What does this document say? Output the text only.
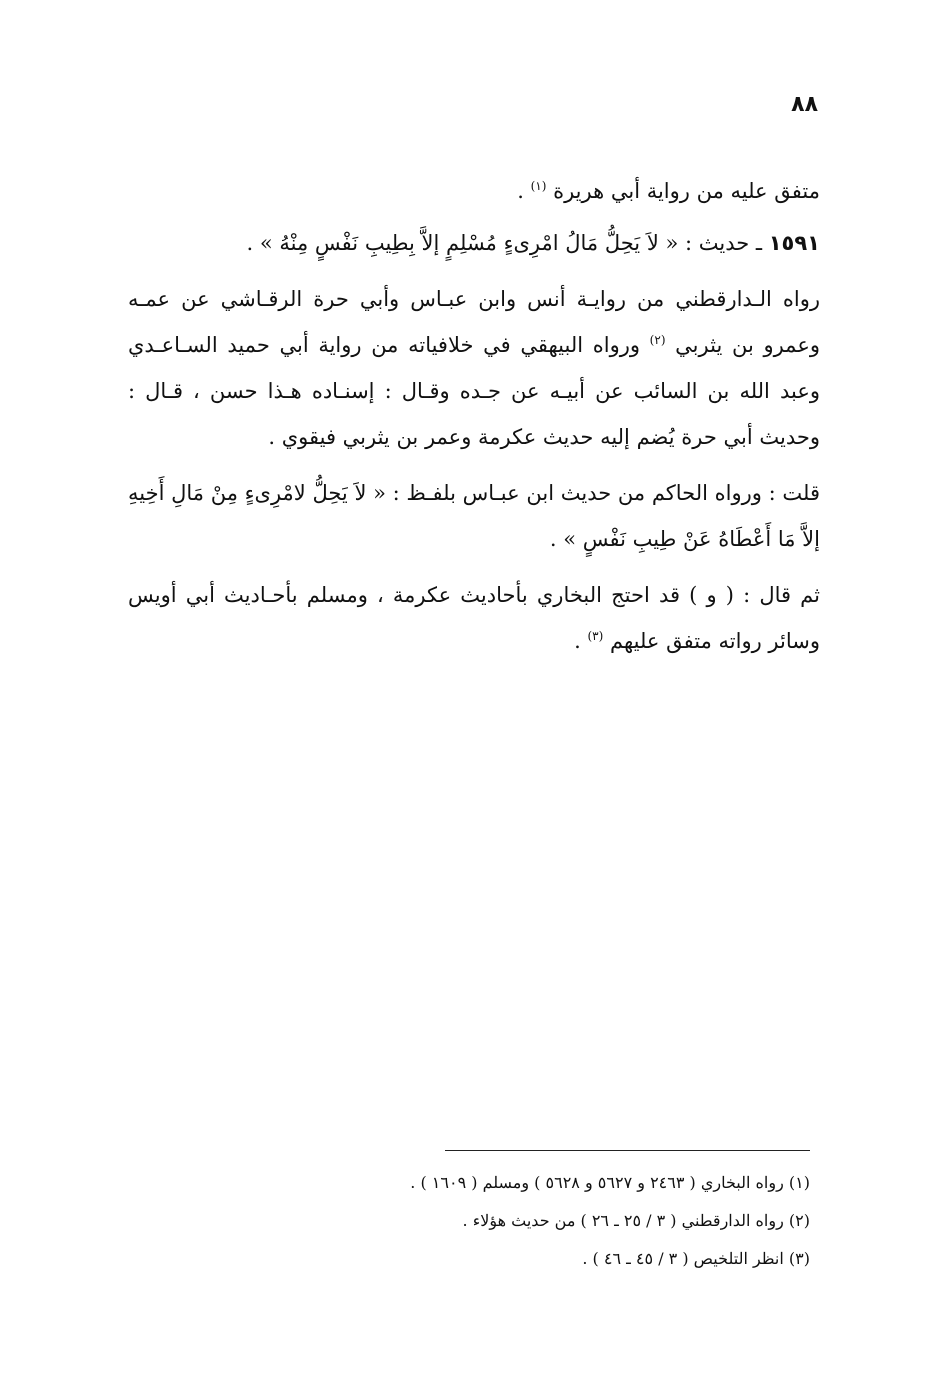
٨٨

متفق عليه من رواية أبي هريرة $^{(١)}$ .

١٥٩١ ـ حديث : « لاَ يَحِلُّ مَالُ امْرِىءٍ مُسْلِمٍ إلاَّ بِطِيبِ نَفْسٍ مِنْهُ » .

رواه الـدارقطني من روايـة أنس وابن عبـاس وأبي حرة الرقـاشي عن عمـه وعمرو بن يثربي $^{(٢)}$ ورواه البيهقي في خلافياته من رواية أبي حميد السـاعـدي وعبد الله بن السائب عن أبيـه عن جـده وقـال : إسنـاده هـذا حسن ، قـال : وحديث أبي حرة يُضم إليه حديث عكرمة وعمر بن يثربي فيقوي .

قلت : ورواه الحاكم من حديث ابن عبـاس بلفـظ : « لاَ يَحِلُّ لامْرِىءٍ مِنْ مَالِ أَخِيهِ إلاَّ مَا أَعْطَاهُ عَنْ طِيبِ نَفْسٍ » .

ثم قال : ( و ) قد احتج البخاري بأحاديث عكرمة ، ومسلم بأحـاديث أبي أويس وسائر رواته متفق عليهم $^{(٣)}$ .

(١) رواه البخاري ( ٢٤٦٣ و ٥٦٢٧ و ٥٦٢٨ ) ومسلم ( ١٦٠٩ ) .
(٢) رواه الدارقطني ( ٣ / ٢٥ ـ ٢٦ ) من حديث هؤلاء .
(٣) انظر التلخيص ( ٣ / ٤٥ ـ ٤٦ ) .
